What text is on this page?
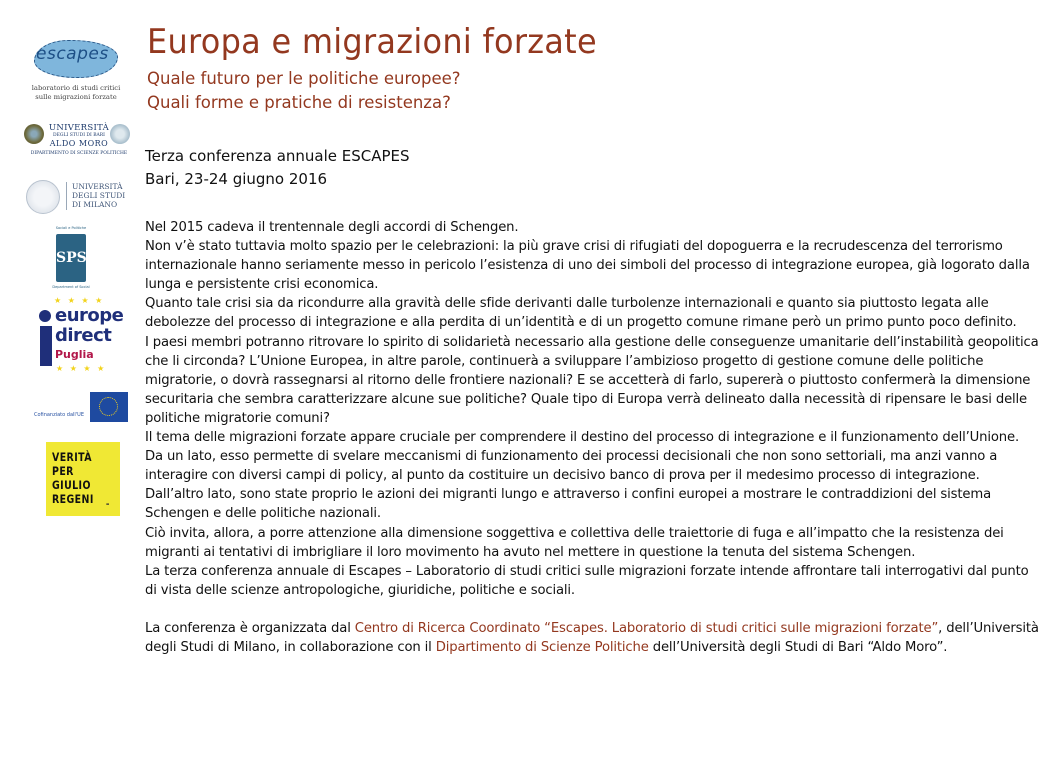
escapes
laboratorio di studi critici
sulle migrazioni forzate
UNIVERSITÀ
DEGLI STUDI DI BARI
ALDO MORO
DIPARTIMENTO DI SCIENZE POLITICHE
UNIVERSITÀ
DEGLI STUDI
DI MILANO
Sociali e Politiche
SPS
Department of Social
★ ★ ★ ★
europe
direct
Puglia
★ ★ ★ ★
Cofinanziato dall'UE
VERITÀ
PER
GIULIO
REGENI	▬
Europa e migrazioni forzate
Quale futuro per le politiche europee?
Quali forme e pratiche di resistenza?
Terza conferenza annuale ESCAPES
Bari, 23-24 giugno 2016

Nel 2015 cadeva il trentennale degli accordi di Schengen.

Non v’è stato tuttavia molto spazio per le celebrazioni: la più grave crisi di rifugiati del dopoguerra e la recrudescenza del terrorismo internazionale hanno seriamente messo in pericolo l’esistenza di uno dei simboli del processo di integrazione europea, già logorato dalla lunga e persistente crisi economica.

Quanto tale crisi sia da ricondurre alla gravità delle sfide derivanti dalle turbolenze internazionali e quanto sia piuttosto legata alle debolezze del processo di integrazione e alla perdita di un’identità e di un progetto comune rimane però un primo punto poco definito.

I paesi membri potranno ritrovare lo spirito di solidarietà necessario alla gestione delle conseguenze umanitarie dell’instabilità geopolitica che li circonda? L’Unione Europea, in altre parole, continuerà a sviluppare l’ambizioso progetto di gestione comune delle politiche migratorie, o dovrà rassegnarsi al ritorno delle frontiere nazionali? E se accetterà di farlo, supererà o piuttosto confermerà la dimensione securitaria che sembra caratterizzare alcune sue politiche? Quale tipo di Europa verrà delineato dalla necessità di ripensare le basi delle politiche migratorie comuni?

Il tema delle migrazioni forzate appare cruciale per comprendere il destino del processo di integrazione e il funzionamento dell’Unione.

Da un lato, esso permette di svelare meccanismi di funzionamento dei processi decisionali che non sono settoriali, ma anzi vanno a interagire con diversi campi di policy, al punto da costituire un decisivo banco di prova per il medesimo processo di integrazione.

Dall’altro lato, sono state proprio le azioni dei migranti lungo e attraverso i confini europei a mostrare le contraddizioni del sistema Schengen e delle politiche nazionali.

Ciò invita, allora, a porre attenzione alla dimensione soggettiva e collettiva delle traiettorie di fuga e all’impatto che la resistenza dei migranti ai tentativi di imbrigliare il loro movimento ha avuto nel mettere in questione la tenuta del sistema Schengen.

La terza conferenza annuale di Escapes – Laboratorio di studi critici sulle migrazioni forzate intende affrontare tali interrogativi dal punto di vista delle scienze antropologiche, giuridiche, politiche e sociali.

La conferenza è organizzata dal Centro di Ricerca Coordinato “Escapes. Laboratorio di studi critici sulle migrazioni forzate”, dell’Università degli Studi di Milano, in collaborazione con il Dipartimento di Scienze Politiche dell’Università degli Studi di Bari “Aldo Moro”.
